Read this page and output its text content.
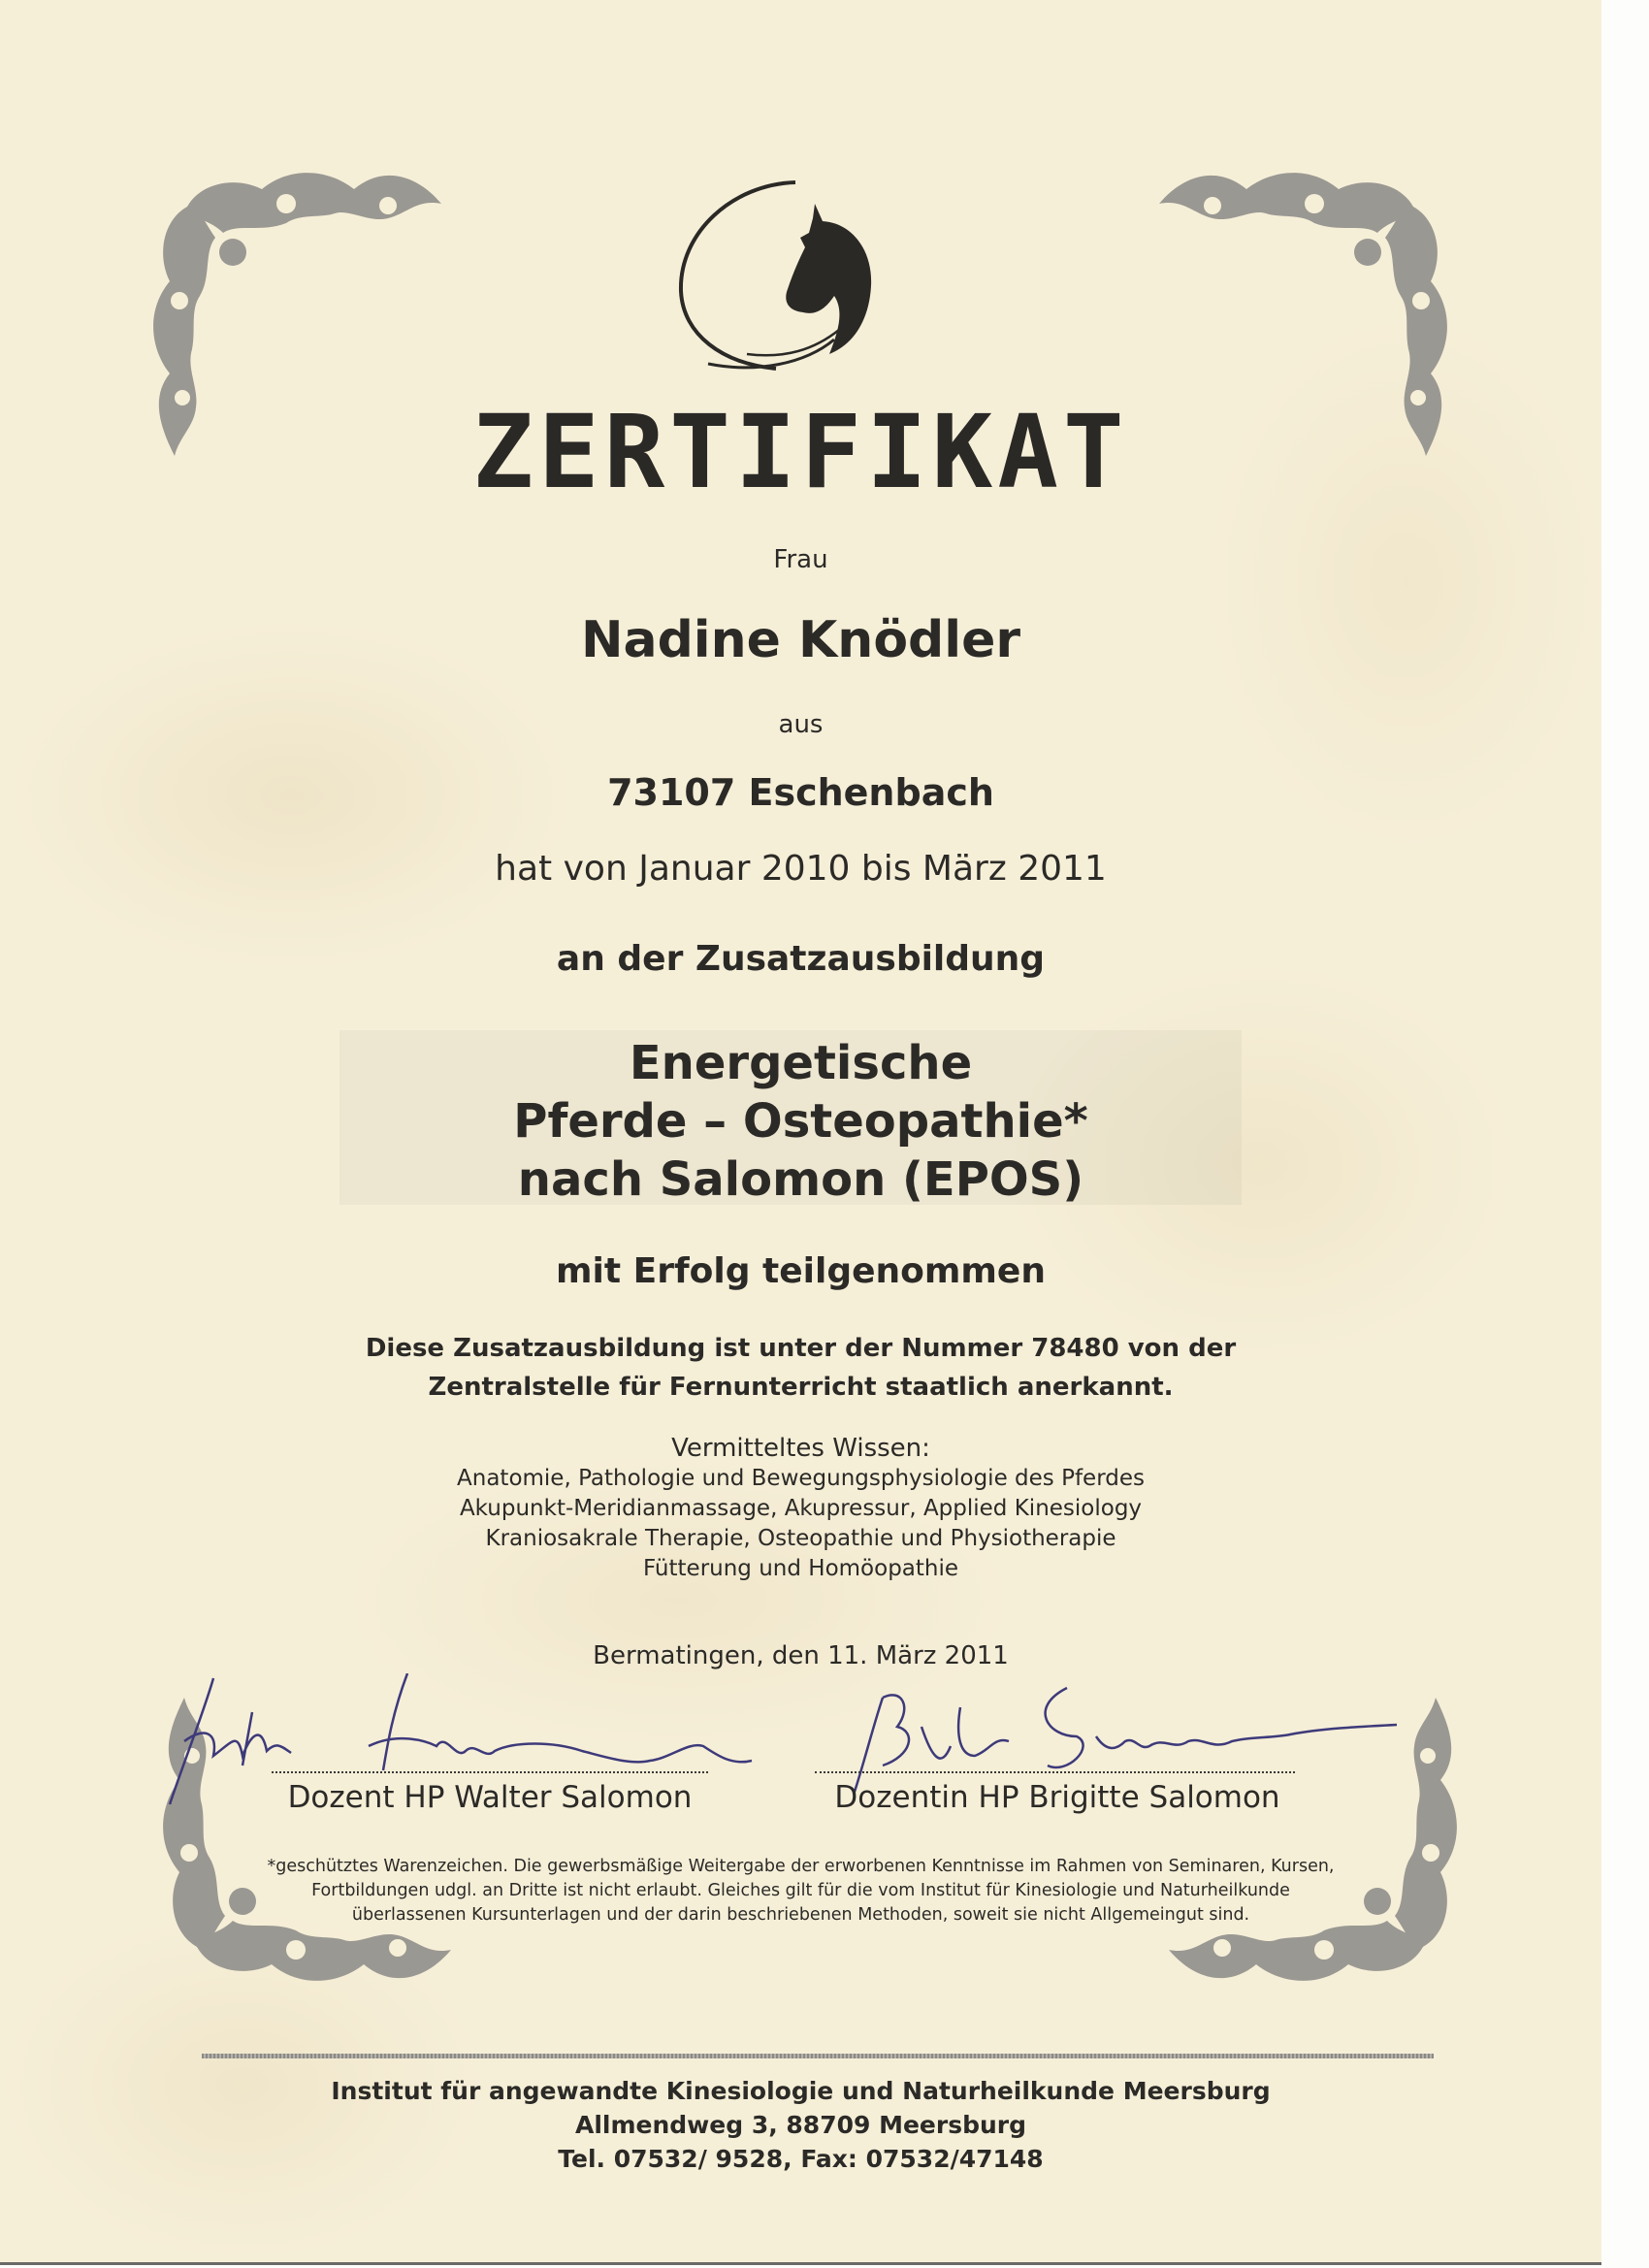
ZERTIFIKAT
Frau
Nadine Knödler
aus
73107 Eschenbach
hat von Januar 2010 bis März 2011
an der Zusatzausbildung
Energetische
Pferde – Osteopathie*
nach Salomon (EPOS)
mit Erfolg teilgenommen
Diese Zusatzausbildung ist unter der Nummer 78480 von der
Zentralstelle für Fernunterricht staatlich anerkannt.
Vermitteltes Wissen:
Anatomie, Pathologie und Bewegungsphysiologie des Pferdes
Akupunkt-Meridianmassage, Akupressur, Applied Kinesiology
Kraniosakrale Therapie, Osteopathie und Physiotherapie
Fütterung und Homöopathie
Bermatingen, den 11. März 2011
Dozent HP Walter Salomon	Dozentin HP Brigitte Salomon
*geschütztes Warenzeichen. Die gewerbsmäßige Weitergabe der erworbenen Kenntnisse im Rahmen von Seminaren, Kursen,
Fortbildungen udgl. an Dritte ist nicht erlaubt. Gleiches gilt für die vom Institut für Kinesiologie und Naturheilkunde
überlassenen Kursunterlagen und der darin beschriebenen Methoden, soweit sie nicht Allgemeingut sind.
Institut für angewandte Kinesiologie und Naturheilkunde Meersburg
Allmendweg 3, 88709 Meersburg
Tel. 07532/ 9528, Fax: 07532/47148
